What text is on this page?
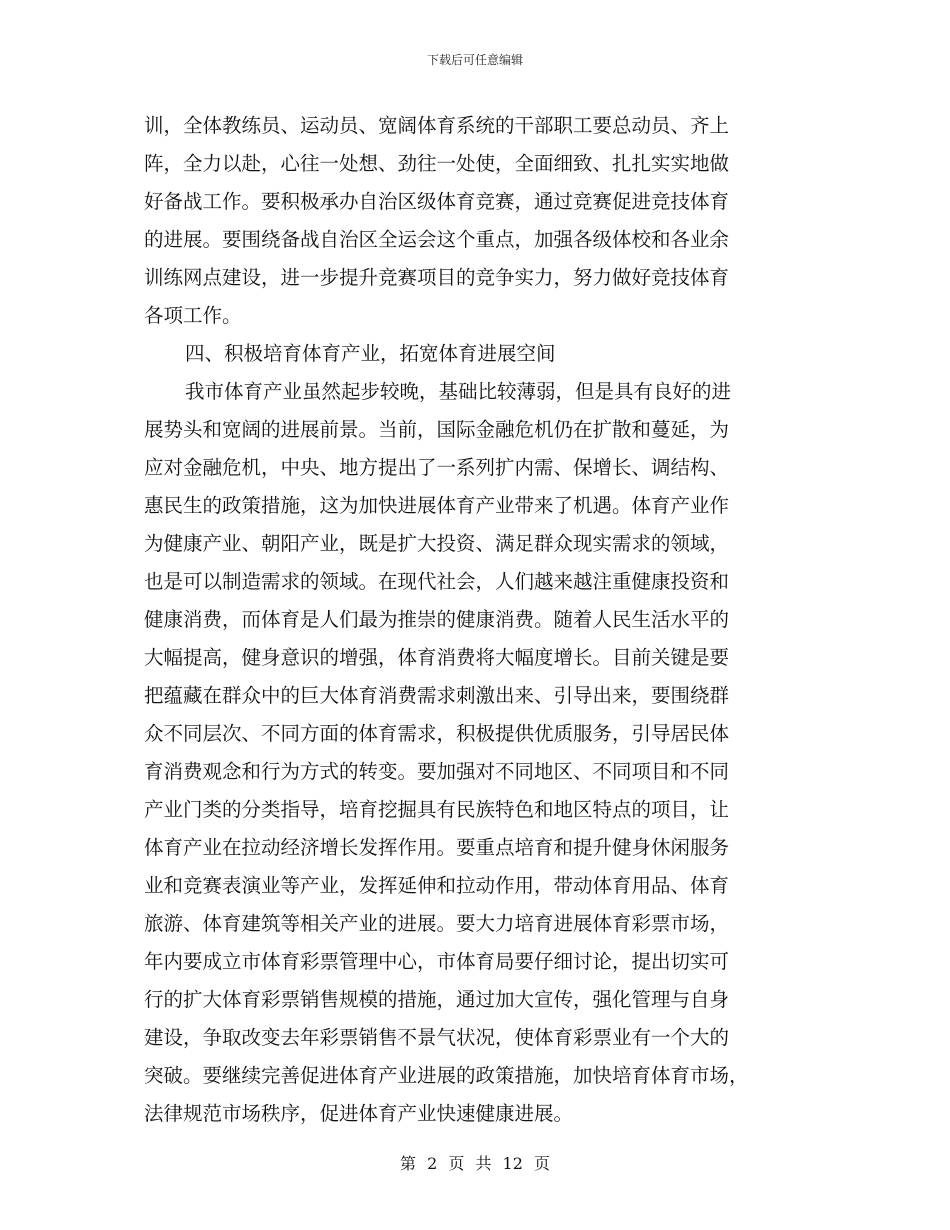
下载后可任意编辑
训，全体教练员、运动员、宽阔体育系统的干部职工要总动员、齐上
阵，全力以赴，心往一处想、劲往一处使，全面细致、扎扎实实地做
好备战工作。要积极承办自治区级体育竞赛，通过竞赛促进竞技体育
的进展。要围绕备战自治区全运会这个重点，加强各级体校和各业余
训练网点建设，进一步提升竞赛项目的竞争实力，努力做好竞技体育
各项工作。
四、积极培育体育产业，拓宽体育进展空间
我市体育产业虽然起步较晚，基础比较薄弱，但是具有良好的进
展势头和宽阔的进展前景。当前，国际金融危机仍在扩散和蔓延，为
应对金融危机，中央、地方提出了一系列扩内需、保增长、调结构、
惠民生的政策措施，这为加快进展体育产业带来了机遇。体育产业作
为健康产业、朝阳产业，既是扩大投资、满足群众现实需求的领域，
也是可以制造需求的领域。在现代社会，人们越来越注重健康投资和
健康消费，而体育是人们最为推崇的健康消费。随着人民生活水平的
大幅提高，健身意识的增强，体育消费将大幅度增长。目前关键是要
把蕴藏在群众中的巨大体育消费需求刺激出来、引导出来，要围绕群
众不同层次、不同方面的体育需求，积极提供优质服务，引导居民体
育消费观念和行为方式的转变。要加强对不同地区、不同项目和不同
产业门类的分类指导，培育挖掘具有民族特色和地区特点的项目，让
体育产业在拉动经济增长发挥作用。要重点培育和提升健身休闲服务
业和竞赛表演业等产业，发挥延伸和拉动作用，带动体育用品、体育
旅游、体育建筑等相关产业的进展。要大力培育进展体育彩票市场，
年内要成立市体育彩票管理中心，市体育局要仔细讨论，提出切实可
行的扩大体育彩票销售规模的措施，通过加大宣传，强化管理与自身
建设，争取改变去年彩票销售不景气状况，使体育彩票业有一个大的
突破。要继续完善促进体育产业进展的政策措施，加快培育体育市场，
法律规范市场秩序，促进体育产业快速健康进展。
第 2 页 共 12 页
